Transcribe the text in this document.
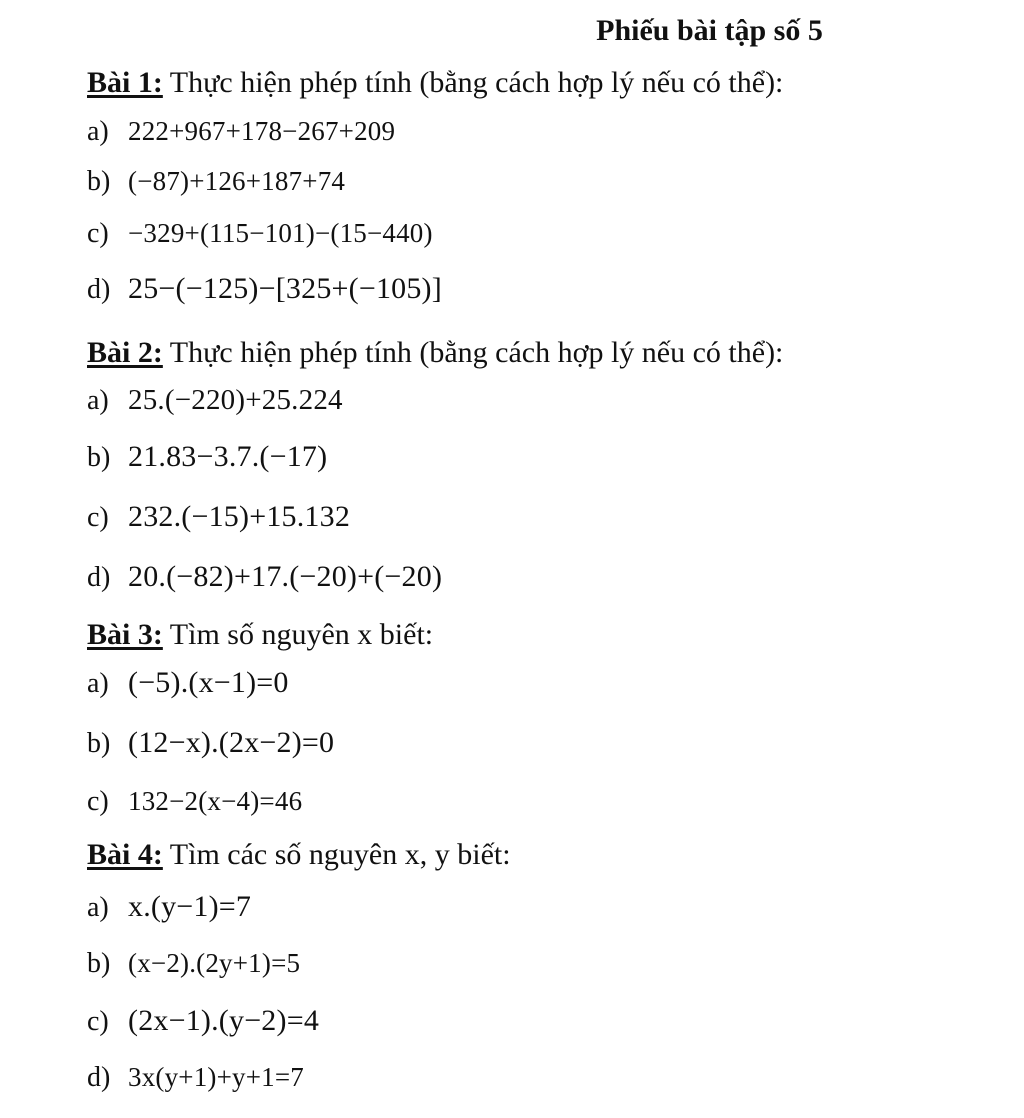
Phiếu bài tập số 5
Bài 1: Thực hiện phép tính (bằng cách hợp lý nếu có thể):
a) 222+967+178−267+209
b) (−87)+126+187+74
c) −329+(115−101)−(15−440)
d) 25−(−125)−[325+(−105)]
Bài 2: Thực hiện phép tính (bằng cách hợp lý nếu có thể):
a) 25.(−220)+25.224
b) 21.83−3.7.(−17)
c) 232.(−15)+15.132
d) 20.(−82)+17.(−20)+(−20)
Bài 3: Tìm số nguyên x biết:
a) (−5).(x−1)=0
b) (12−x).(2x−2)=0
c) 132−2(x−4)=46
Bài 4: Tìm các số nguyên x, y biết:
a) x.(y−1)=7
b) (x−2).(2y+1)=5
c) (2x−1).(y−2)=4
d) 3x(y+1)+y+1=7
